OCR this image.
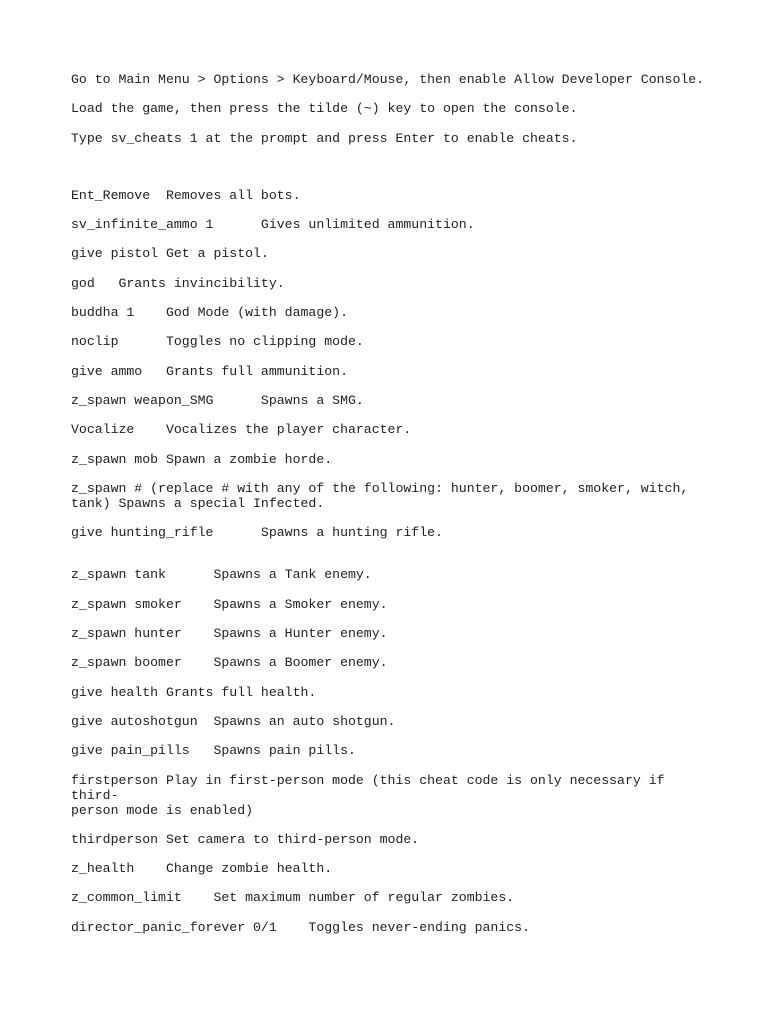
Go to Main Menu > Options > Keyboard/Mouse, then enable Allow Developer Console.

Load the game, then press the tilde (~) key to open the console.

Type sv_cheats 1 at the prompt and press Enter to enable cheats.

Ent_Remove  Removes all bots.

sv_infinite_ammo 1      Gives unlimited ammunition.

give pistol Get a pistol.

god   Grants invincibility.

buddha 1    God Mode (with damage).

noclip      Toggles no clipping mode.

give ammo   Grants full ammunition.

z_spawn weapon_SMG      Spawns a SMG.

Vocalize    Vocalizes the player character.

z_spawn mob Spawn a zombie horde.

z_spawn # (replace # with any of the following: hunter, boomer, smoker, witch,
tank) Spawns a special Infected.

give hunting_rifle      Spawns a hunting rifle.

z_spawn tank      Spawns a Tank enemy.

z_spawn smoker    Spawns a Smoker enemy.

z_spawn hunter    Spawns a Hunter enemy.

z_spawn boomer    Spawns a Boomer enemy.

give health Grants full health.

give autoshotgun  Spawns an auto shotgun.

give pain_pills   Spawns pain pills.

firstperson Play in first-person mode (this cheat code is only necessary if third-
person mode is enabled)

thirdperson Set camera to third-person mode.

z_health    Change zombie health.

z_common_limit    Set maximum number of regular zombies.

director_panic_forever 0/1    Toggles never-ending panics.
